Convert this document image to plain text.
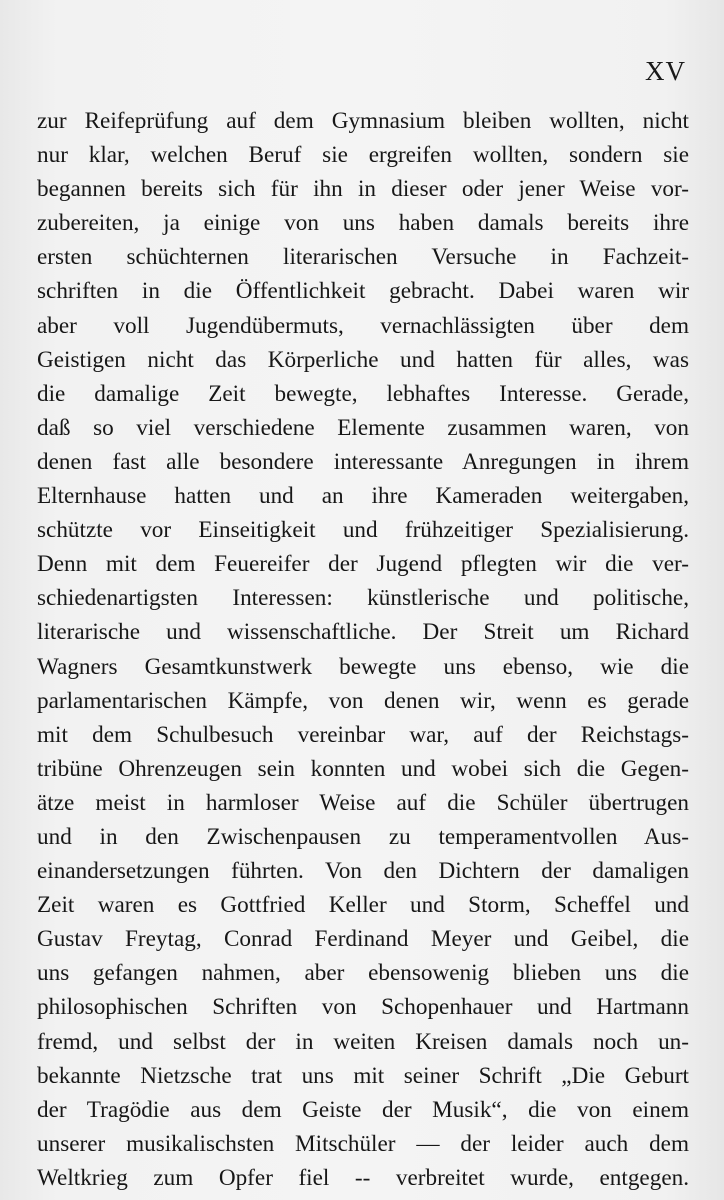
XV
zur Reifeprüfung auf dem Gymnasium bleiben wollten, nicht
nur klar, welchen Beruf sie ergreifen wollten, sondern sie
begannen bereits sich für ihn in dieser oder jener Weise vor-
zubereiten, ja einige von uns haben damals bereits ihre
ersten schüchternen literarischen Versuche in Fachzeit-
schriften in die Öffentlichkeit gebracht. Dabei waren wir
aber voll Jugendübermuts, vernachlässigten über dem
Geistigen nicht das Körperliche und hatten für alles, was
die damalige Zeit bewegte, lebhaftes Interesse. Gerade,
daß so viel verschiedene Elemente zusammen waren, von
denen fast alle besondere interessante Anregungen in ihrem
Elternhause hatten und an ihre Kameraden weitergaben,
schützte vor Einseitigkeit und frühzeitiger Spezialisierung.
Denn mit dem Feuereifer der Jugend pflegten wir die ver-
schiedenartigsten Interessen: künstlerische und politische,
literarische und wissenschaftliche. Der Streit um Richard
Wagners Gesamtkunstwerk bewegte uns ebenso, wie die
parlamentarischen Kämpfe, von denen wir, wenn es gerade
mit dem Schulbesuch vereinbar war, auf der Reichstags-
tribüne Ohrenzeugen sein konnten und wobei sich die Gegen-
ätze meist in harmloser Weise auf die Schüler übertrugen
und in den Zwischenpausen zu temperamentvollen Aus-
einandersetzungen führten. Von den Dichtern der damaligen
Zeit waren es Gottfried Keller und Storm, Scheffel und
Gustav Freytag, Conrad Ferdinand Meyer und Geibel, die
uns gefangen nahmen, aber ebensowenig blieben uns die
philosophischen Schriften von Schopenhauer und Hartmann
fremd, und selbst der in weiten Kreisen damals noch un-
bekannte Nietzsche trat uns mit seiner Schrift „Die Geburt
der Tragödie aus dem Geiste der Musik“, die von einem
unserer musikalischsten Mitschüler — der leider auch dem
Weltkrieg zum Opfer fiel -- verbreitet wurde, entgegen.
